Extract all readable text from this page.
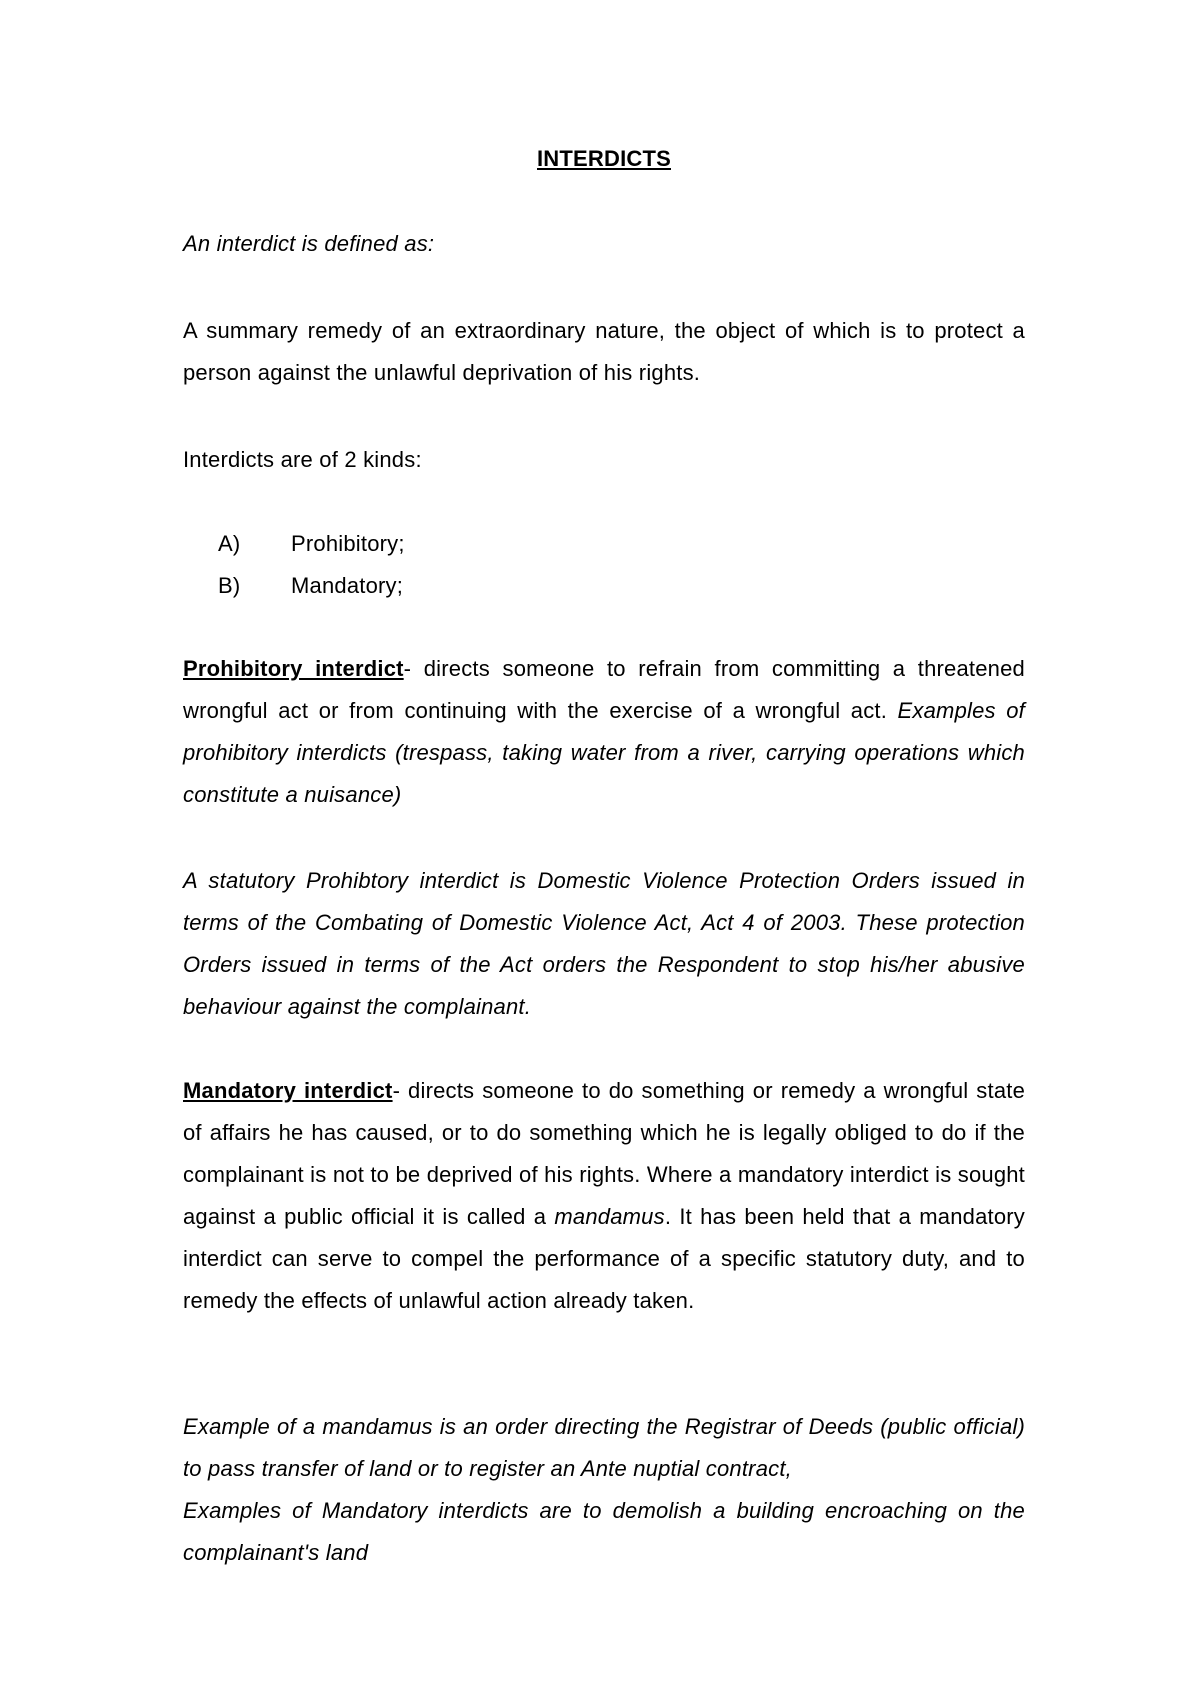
INTERDICTS
An interdict is defined as:
A summary remedy of an extraordinary nature, the object of which is to protect a person against the unlawful deprivation of his rights.
Interdicts are of 2 kinds:
A) Prohibitory;
B) Mandatory;
Prohibitory interdict- directs someone to refrain from committing a threatened wrongful act or from continuing with the exercise of a wrongful act. Examples of prohibitory interdicts (trespass, taking water from a river, carrying operations which constitute a nuisance)
A statutory Prohibtory interdict is Domestic Violence Protection Orders issued in terms of the Combating of Domestic Violence Act, Act 4 of 2003. These protection Orders issued in terms of the Act orders the Respondent to stop his/her abusive behaviour against the complainant.
Mandatory interdict- directs someone to do something or remedy a wrongful state of affairs he has caused, or to do something which he is legally obliged to do if the complainant is not to be deprived of his rights. Where a mandatory interdict is sought against a public official it is called a mandamus. It has been held that a mandatory interdict can serve to compel the performance of a specific statutory duty, and to remedy the effects of unlawful action already taken.
Example of a mandamus is an order directing the Registrar of Deeds (public official) to pass transfer of land or to register an Ante nuptial contract,
Examples of Mandatory interdicts are to demolish a building encroaching on the complainant's land
